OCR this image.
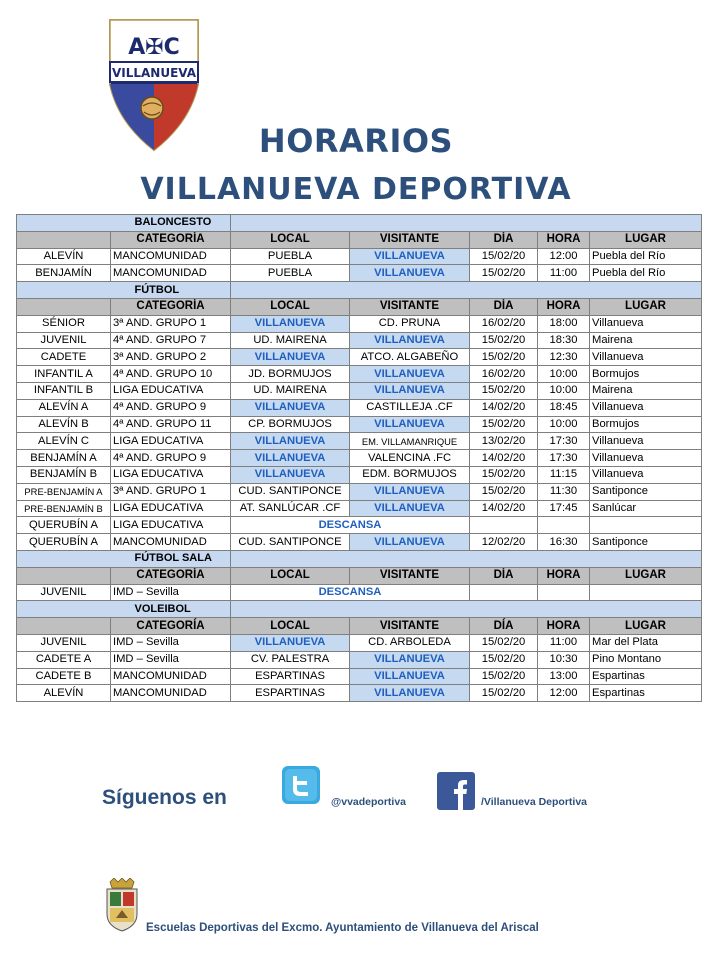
A✠C
VILLANUEVA
HORARIOS
VILLANUEVA DEPORTIVA
	BALONCESTO					
	CATEGORÍA	LOCAL	VISITANTE	DÍA	HORA	LUGAR
ALEVÍN	MANCOMUNIDAD	PUEBLA	VILLANUEVA	15/02/20	12:00	Puebla del Río
BENJAMÍN	MANCOMUNIDAD	PUEBLA	VILLANUEVA	15/02/20	11:00	Puebla del Río
	FÚTBOL					
	CATEGORÍA	LOCAL	VISITANTE	DÍA	HORA	LUGAR
SÉNIOR	3ª AND. GRUPO 1	VILLANUEVA	CD. PRUNA	16/02/20	18:00	Villanueva
JUVENIL	4ª AND. GRUPO 7	UD. MAIRENA	VILLANUEVA	15/02/20	18:30	Mairena
CADETE	3ª AND. GRUPO 2	VILLANUEVA	ATCO. ALGABEÑO	15/02/20	12:30	Villanueva
INFANTIL A	4ª AND. GRUPO 10	JD. BORMUJOS	VILLANUEVA	16/02/20	10:00	Bormujos
INFANTIL B	LIGA EDUCATIVA	UD. MAIRENA	VILLANUEVA	15/02/20	10:00	Mairena
ALEVÍN A	4ª AND. GRUPO 9	VILLANUEVA	CASTILLEJA .CF	14/02/20	18:45	Villanueva
ALEVÍN B	4ª AND. GRUPO 11	CP. BORMUJOS	VILLANUEVA	15/02/20	10:00	Bormujos
ALEVÍN C	LIGA EDUCATIVA	VILLANUEVA	EM. VILLAMANRIQUE	13/02/20	17:30	Villanueva
BENJAMÍN A	4ª AND. GRUPO 9	VILLANUEVA	VALENCINA .FC	14/02/20	17:30	Villanueva
BENJAMÍN B	LIGA EDUCATIVA	VILLANUEVA	EDM. BORMUJOS	15/02/20	11:15	Villanueva
PRE-BENJAMÍN A	3ª AND. GRUPO 1	CUD. SANTIPONCE	VILLANUEVA	15/02/20	11:30	Santiponce
PRE-BENJAMÍN B	LIGA EDUCATIVA	AT. SANLÚCAR .CF	VILLANUEVA	14/02/20	17:45	Sanlúcar
QUERUBÍN A	LIGA EDUCATIVA	DESCANSA				
QUERUBÍN A	MANCOMUNIDAD	CUD. SANTIPONCE	VILLANUEVA	12/02/20	16:30	Santiponce
	FÚTBOL SALA					
	CATEGORÍA	LOCAL	VISITANTE	DÍA	HORA	LUGAR
JUVENIL	IMD – Sevilla	DESCANSA				
	VOLEIBOL					
	CATEGORÍA	LOCAL	VISITANTE	DÍA	HORA	LUGAR
JUVENIL	IMD – Sevilla	VILLANUEVA	CD. ARBOLEDA	15/02/20	11:00	Mar del Plata
CADETE A	IMD – Sevilla	CV. PALESTRA	VILLANUEVA	15/02/20	10:30	Pino Montano
CADETE B	MANCOMUNIDAD	ESPARTINAS	VILLANUEVA	15/02/20	13:00	Espartinas
ALEVÍN	MANCOMUNIDAD	ESPARTINAS	VILLANUEVA	15/02/20	12:00	Espartinas
Síguenos en	@vvadeportiva	/Villanueva Deportiva
Escuelas Deportivas del Excmo. Ayuntamiento de Villanueva del Ariscal
